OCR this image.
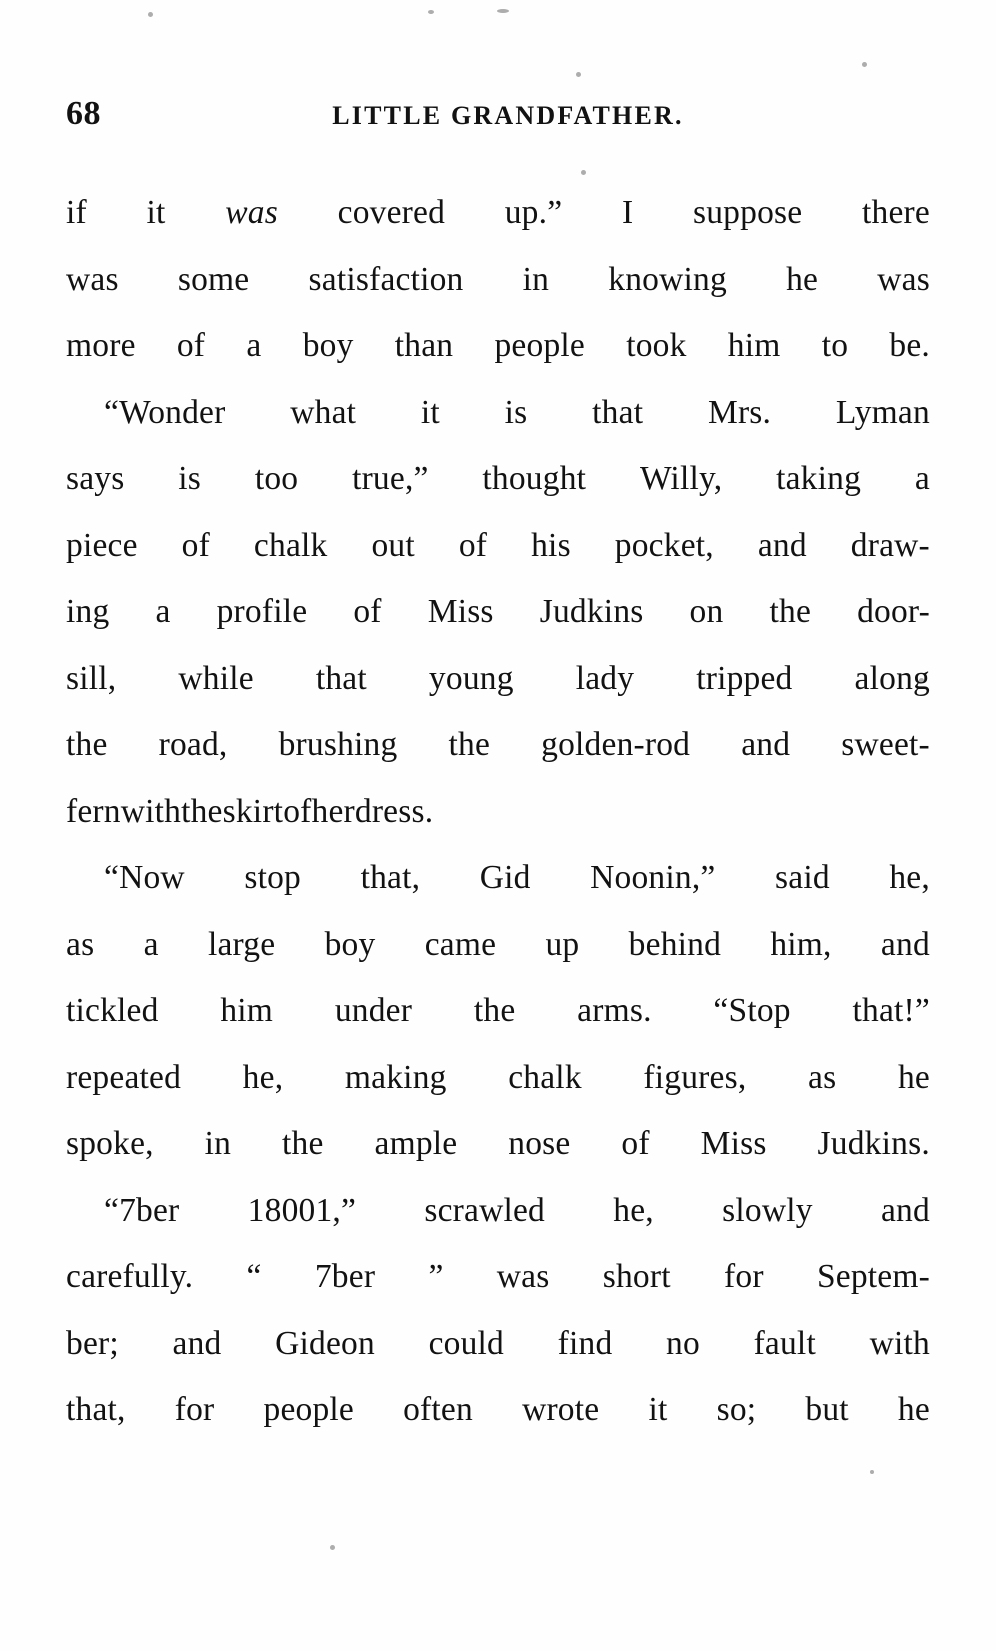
68	LITTLE GRANDFATHER.
if it was covered up.” I suppose there
was some satisfaction in knowing he was
more of a boy than people took him to be.
“Wonder what it is that Mrs. Lyman
says is too true,” thought Willy, taking a
piece of chalk out of his pocket, and draw-
ing a profile of Miss Judkins on the door-
sill, while that young lady tripped along
the road, brushing the golden-rod and sweet-
fern with the skirt of her dress.
“Now stop that, Gid Noonin,” said he,
as a large boy came up behind him, and
tickled him under the arms. “Stop that!”
repeated he, making chalk figures, as he
spoke, in the ample nose of Miss Judkins.
“7ber 18001,” scrawled he, slowly and
carefully. “ 7ber ” was short for Septem-
ber; and Gideon could find no fault with
that, for people often wrote it so; but he
